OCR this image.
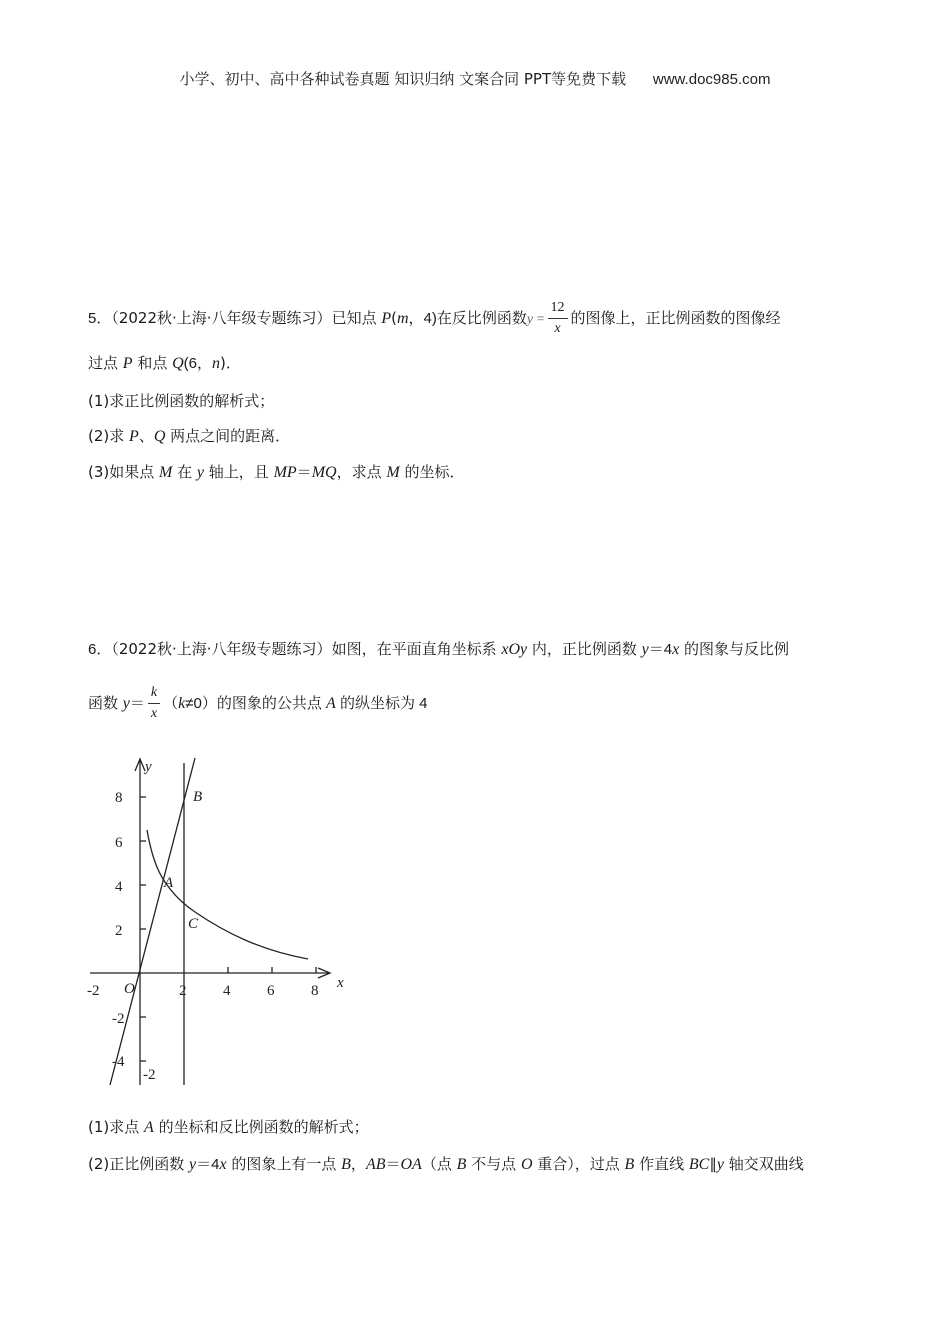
小学、初中、高中各种试卷真题 知识归纳 文案合同 PPT等免费下载 www.doc985.com
5．（2022秋·上海·八年级专题练习）已知点 P(m，4)在反比例函数$y = \frac{12}{x}$ 的图像上，正比例函数的图像经
过点 P 和点 Q(6，n)．
(1)求正比例函数的解析式；
(2)求 P、Q 两点之间的距离．
(3)如果点 M 在 y 轴上，且 MP＝MQ，求点 M 的坐标．
6．（2022秋·上海·八年级专题练习）如图，在平面直角坐标系 xOy 内，正比例函数 y＝4x 的图象与反比例
函数 $y= \frac{k}{x} (k\ne 0)$的图象的公共点 A 的纵坐标为 4
y
x
O
8
6
4
2
-2
-4
-2
-2	2 4 6 8
A
B
C
(1)求点 A 的坐标和反比例函数的解析式；
(2)正比例函数 y＝4x 的图象上有一点 B，AB＝OA（点 B 不与点 O 重合），过点 B 作直线 BC∥y 轴交双曲线
